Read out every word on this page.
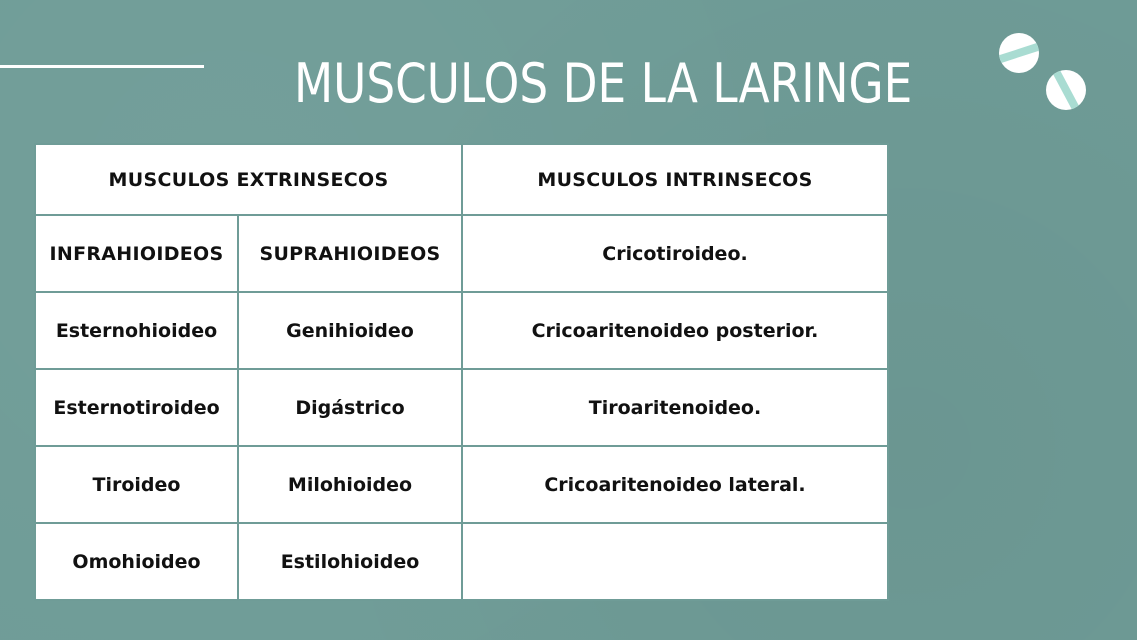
MUSCULOS DE LA LARINGE
MUSCULOS EXTRINSECOS		MUSCULOS INTRINSECOS
INFRAHIOIDEOS	SUPRAHIOIDEOS	Cricotiroideo.
Esternohioideo	Genihioideo	Cricoaritenoideo posterior.
Esternotiroideo	Digástrico	Tiroaritenoideo.
Tiroideo	Milohioideo	Cricoaritenoideo lateral.
Omohioideo	Estilohioideo	
